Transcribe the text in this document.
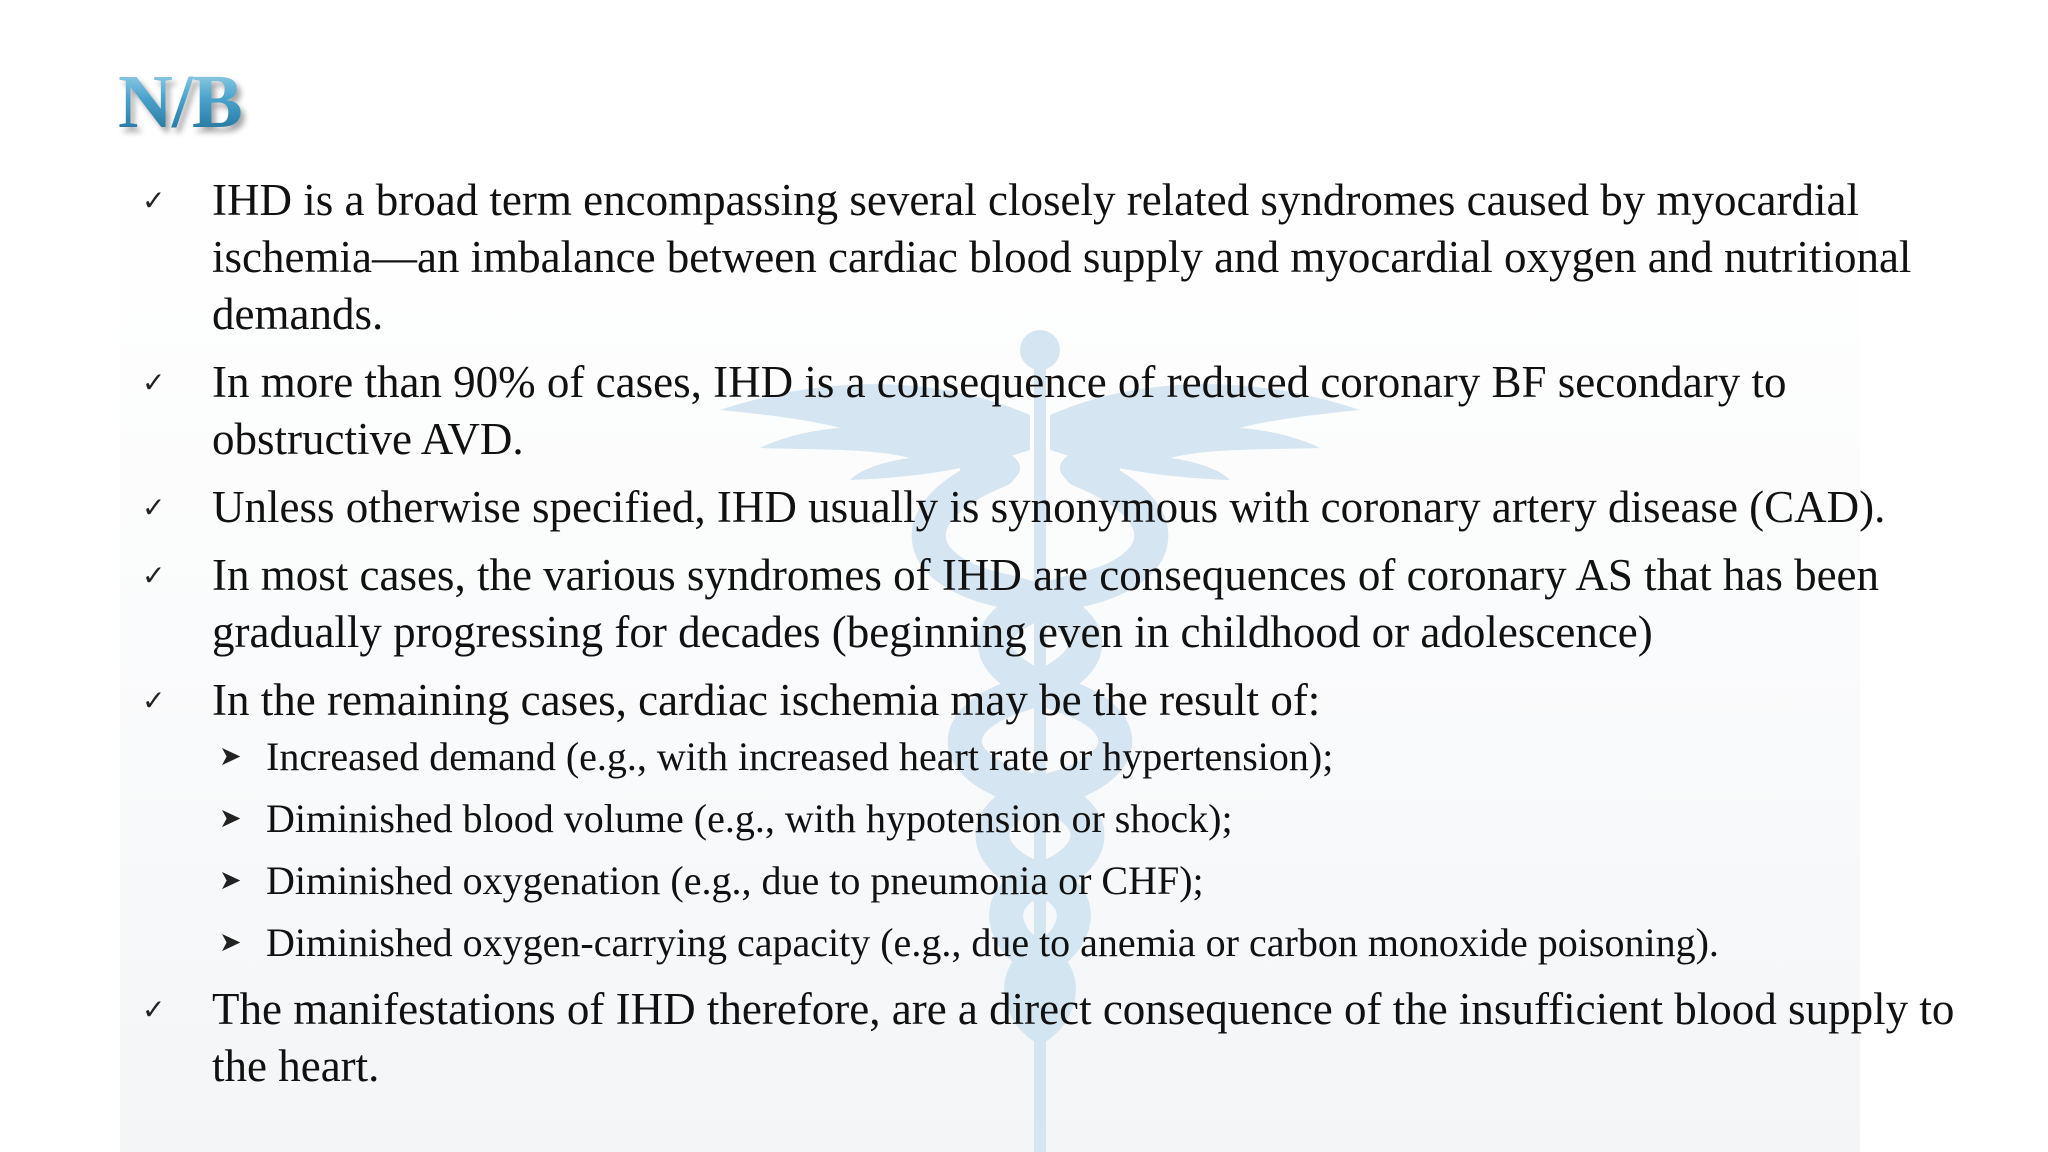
N/B
✓ IHD is a broad term encompassing several closely related syndromes caused by myocardial ischemia—an imbalance between cardiac blood supply and myocardial oxygen and nutritional demands.
✓ In more than 90% of cases, IHD is a consequence of reduced coronary BF secondary to obstructive AVD.
✓ Unless otherwise specified, IHD usually is synonymous with coronary artery disease (CAD).
✓ In most cases, the various syndromes of IHD are consequences of coronary AS that has been gradually progressing for decades (beginning even in childhood or adolescence)
✓ In the remaining cases, cardiac ischemia may be the result of:
➤ Increased demand (e.g., with increased heart rate or hypertension);
➤ Diminished blood volume (e.g., with hypotension or shock);
➤ Diminished oxygenation (e.g., due to pneumonia or CHF);
➤ Diminished oxygen-carrying capacity (e.g., due to anemia or carbon monoxide poisoning).
✓ The manifestations of IHD therefore, are a direct consequence of the insufficient blood supply to the heart.
